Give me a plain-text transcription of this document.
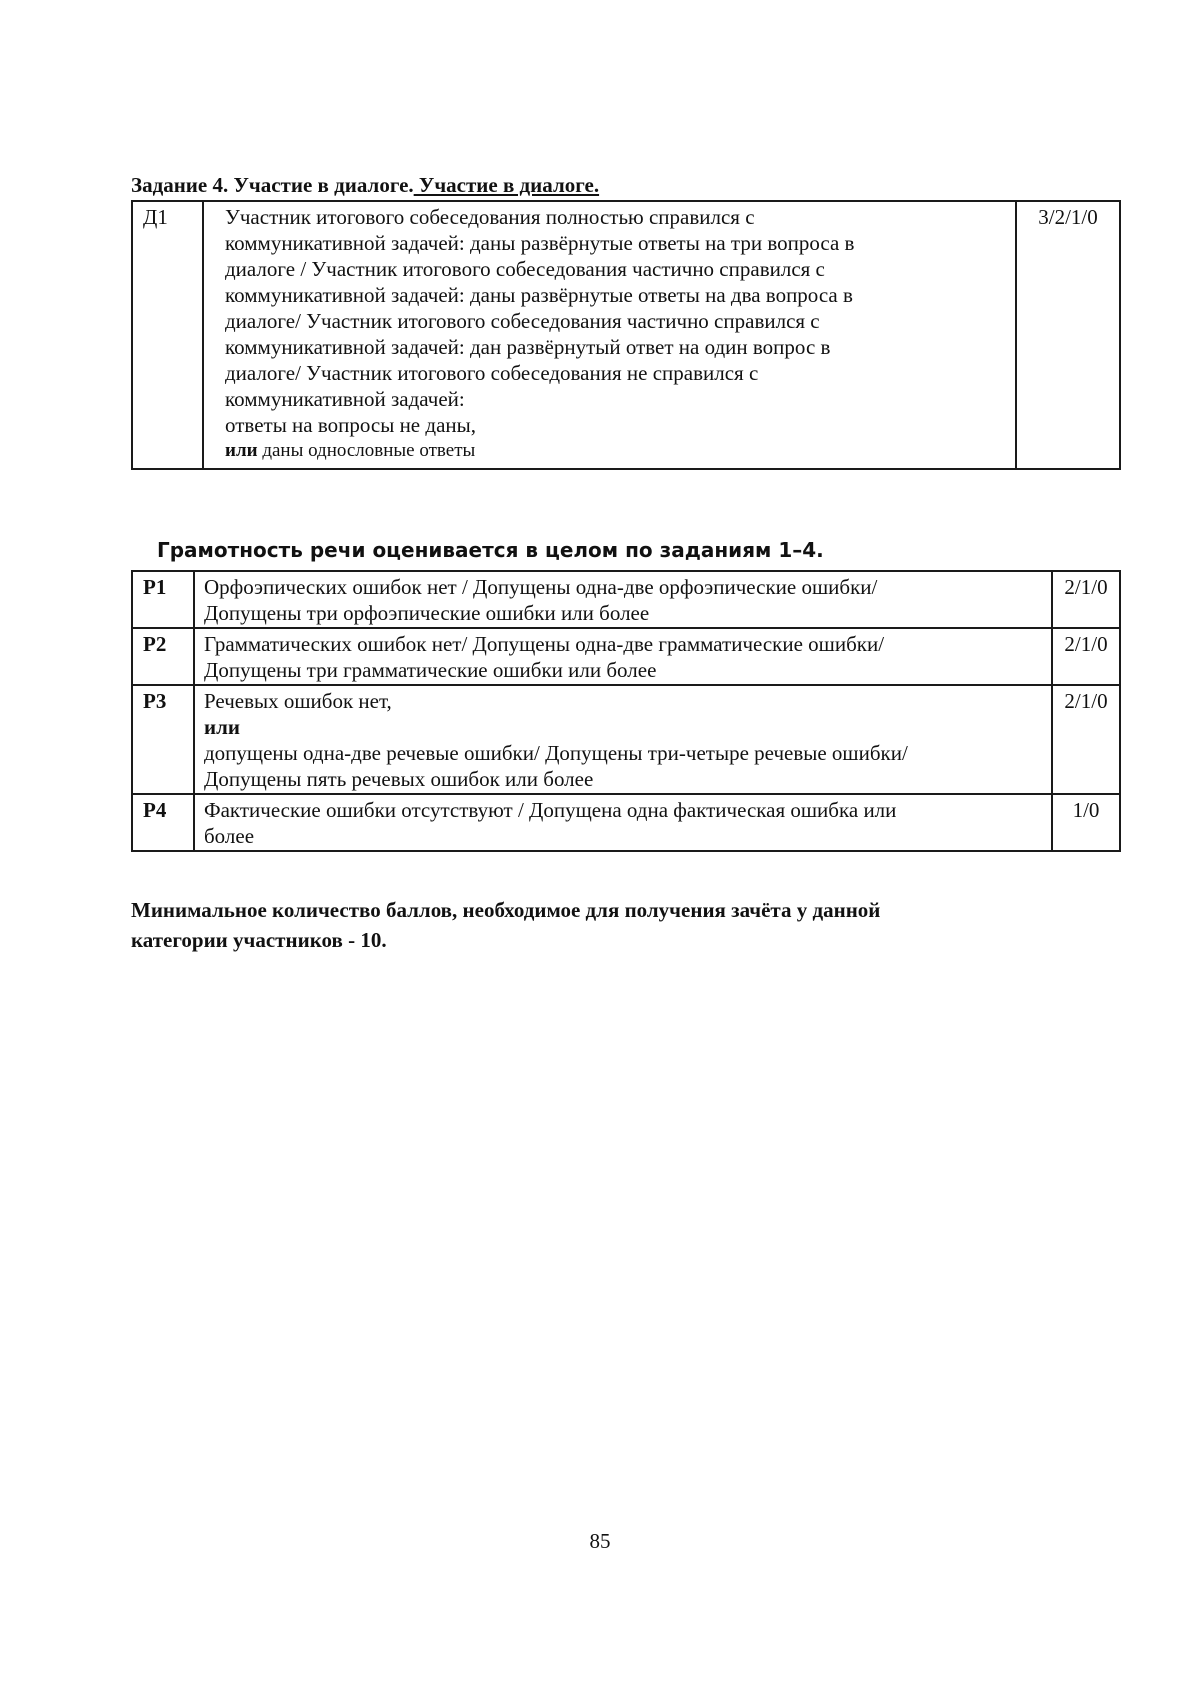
Задание 4. Участие в диалоге. Участие в диалоге.
Д1	Участник итогового собеседования полностью справился с
коммуникативной задачей: даны развёрнутые ответы на три вопроса в
диалоге / Участник итогового собеседования частично справился с
коммуникативной задачей: даны развёрнутые ответы на два вопроса в
диалоге/ Участник итогового собеседования частично справился с
коммуникативной задачей: дан развёрнутый ответ на один вопрос в
диалоге/ Участник итогового собеседования не справился с
коммуникативной задачей:
ответы на вопросы не даны,
или даны однословные ответы
	3/2/1/0
Грамотность речи оценивается в целом по заданиям 1–4.
Р1	Орфоэпических ошибок нет / Допущены одна-две орфоэпические ошибки/
Допущены три орфоэпические ошибки или более	2/1/0
Р2	Грамматических ошибок нет/ Допущены одна-две грамматические ошибки/
Допущены три грамматические ошибки или более	2/1/0
Р3	Речевых ошибок нет,
или
допущены одна-две речевые ошибки/ Допущены три-четыре речевые ошибки/
Допущены пять речевых ошибок или более	2/1/0
Р4	Фактические ошибки отсутствуют / Допущена одна фактическая ошибка или
более	1/0
Минимальное количество баллов, необходимое для получения зачёта у данной
категории участников - 10.
85
